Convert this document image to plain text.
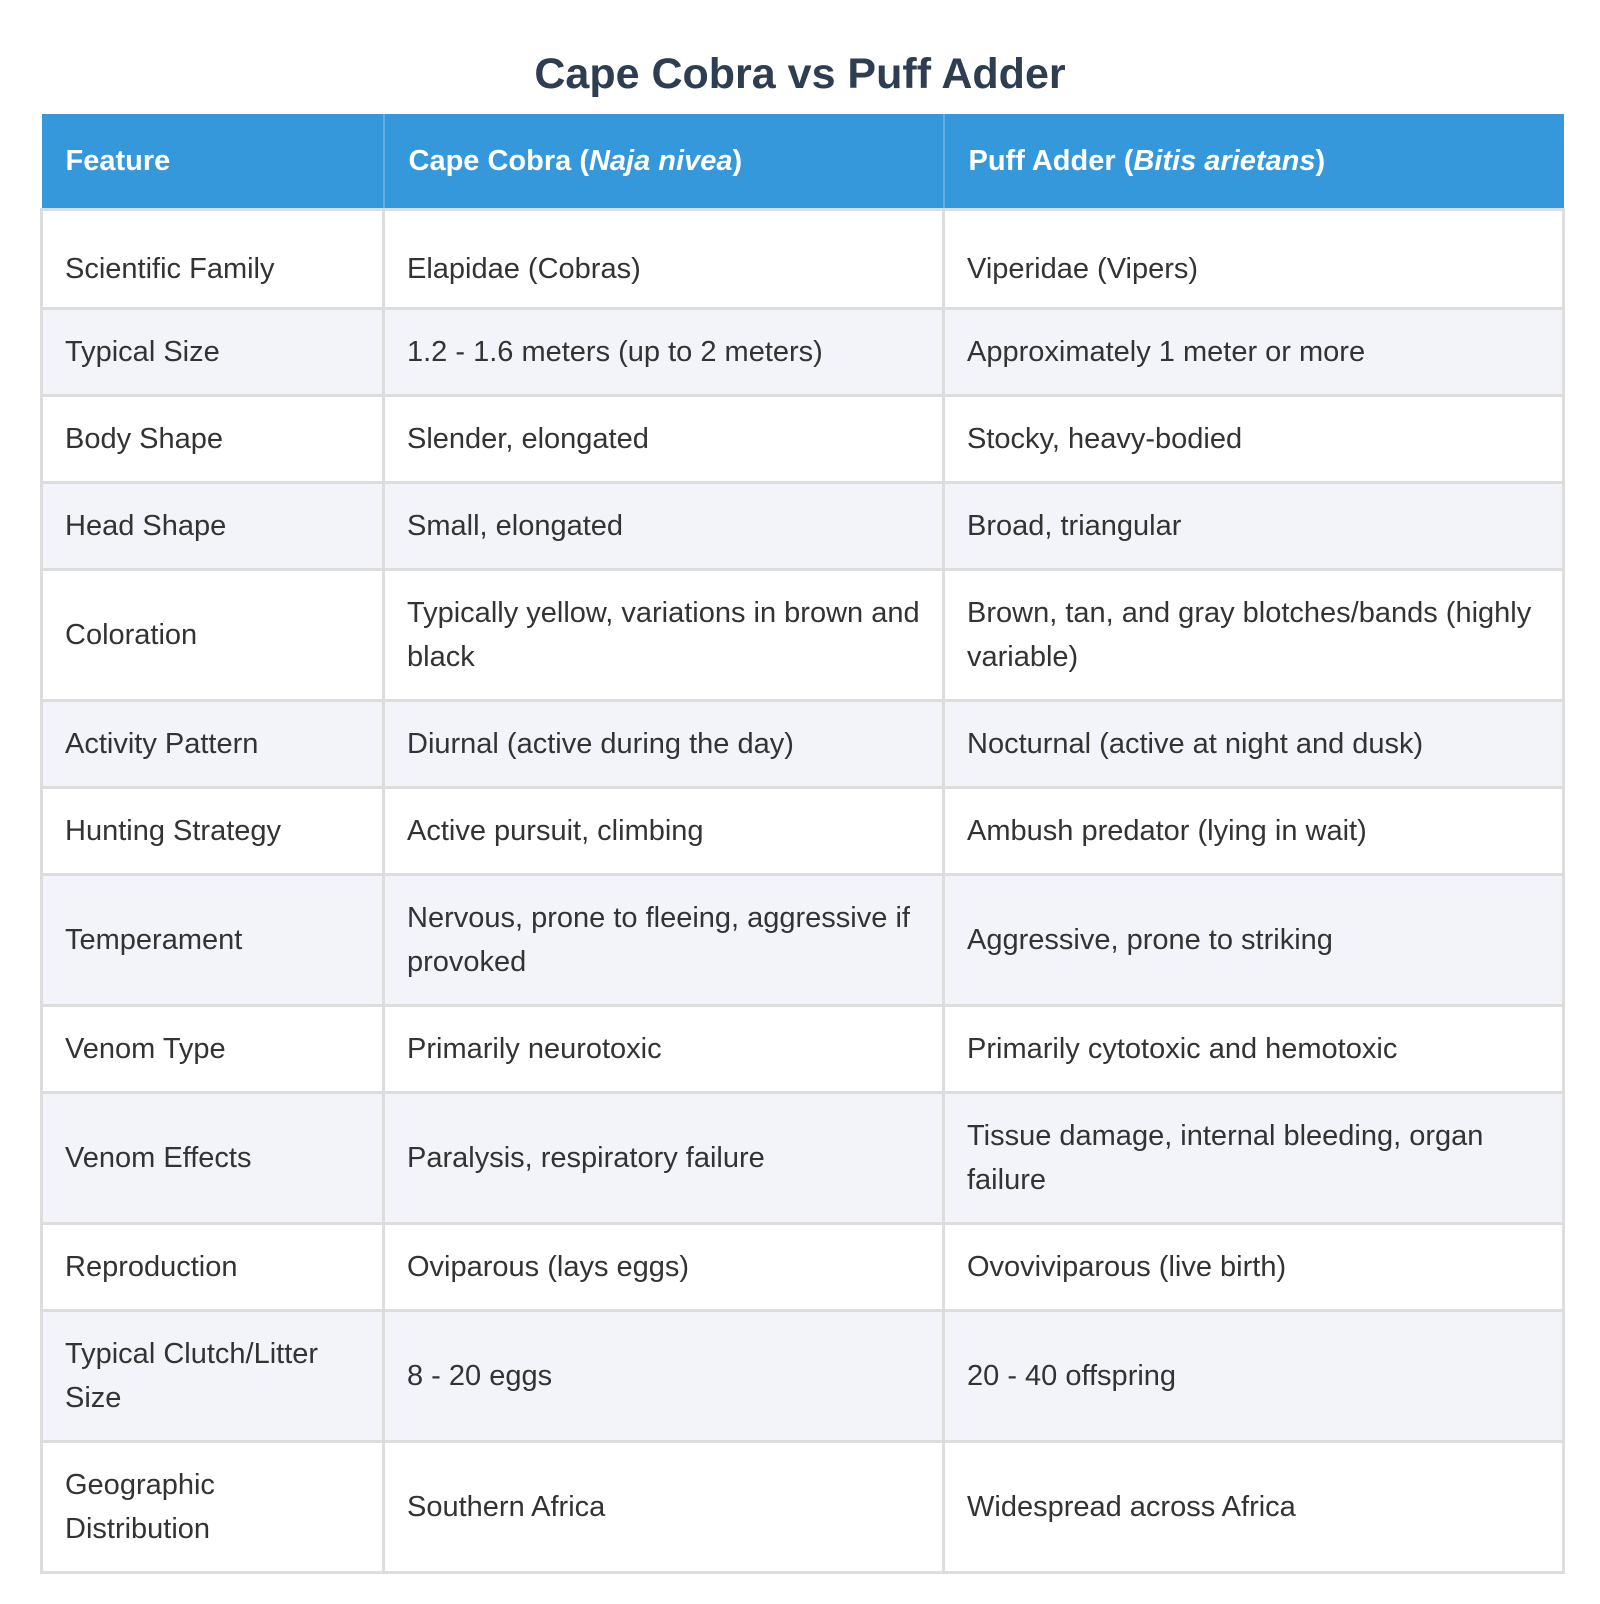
Cape Cobra vs Puff Adder
Feature	Cape Cobra (Naja nivea)	Puff Adder (Bitis arietans)
Scientific Family	Elapidae (Cobras)	Viperidae (Vipers)
Typical Size	1.2 - 1.6 meters (up to 2 meters)	Approximately 1 meter or more
Body Shape	Slender, elongated	Stocky, heavy-bodied
Head Shape	Small, elongated	Broad, triangular
Coloration	Typically yellow, variations in brown and black	Brown, tan, and gray blotches/bands (highly variable)
Activity Pattern	Diurnal (active during the day)	Nocturnal (active at night and dusk)
Hunting Strategy	Active pursuit, climbing	Ambush predator (lying in wait)
Temperament	Nervous, prone to fleeing, aggressive if provoked	Aggressive, prone to striking
Venom Type	Primarily neurotoxic	Primarily cytotoxic and hemotoxic
Venom Effects	Paralysis, respiratory failure	Tissue damage, internal bleeding, organ failure
Reproduction	Oviparous (lays eggs)	Ovoviviparous (live birth)
Typical Clutch/Litter Size	8 - 20 eggs	20 - 40 offspring
Geographic Distribution	Southern Africa	Widespread across Africa
